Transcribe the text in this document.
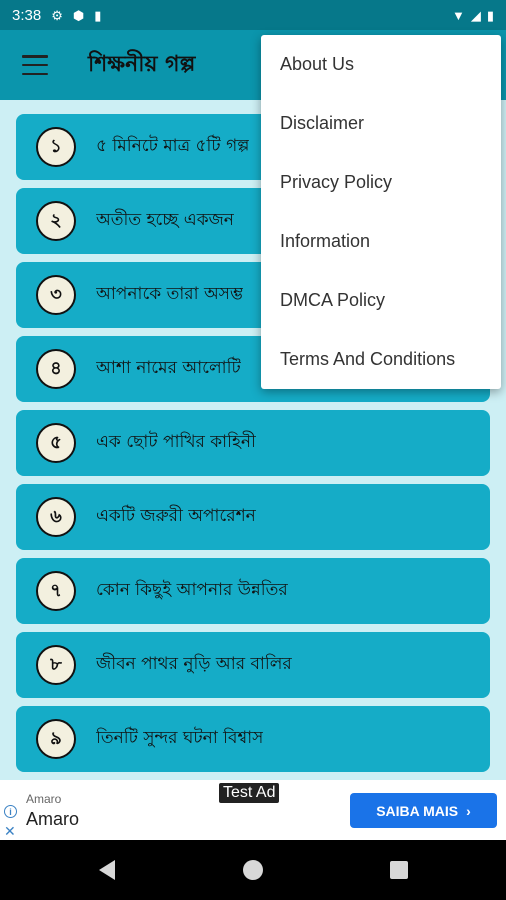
3:38 ⚙ ⬢ ▮	▼ ◢ ▮
শিক্ষনীয় গল্প
১	৫ মিনিটে মাত্র ৫টি গল্প
২	অতীত হচ্ছে একজন
৩	আপনাকে তারা অসম্ভ
৪	আশা নামের আলোটি
৫	এক ছোট পাখির কাহিনী
৬	একটি জরুরী অপারেশন
৭	কোন কিছুই আপনার উন্নতির
৮	জীবন পাথর নুড়ি আর বালির
৯	তিনটি সুন্দর ঘটনা বিশ্বাস
About Us
Disclaimer
Privacy Policy
Information
DMCA Policy
Terms And Conditions
i
✕
Amaro
Amaro
Test Ad
SAIBA MAIS ›
